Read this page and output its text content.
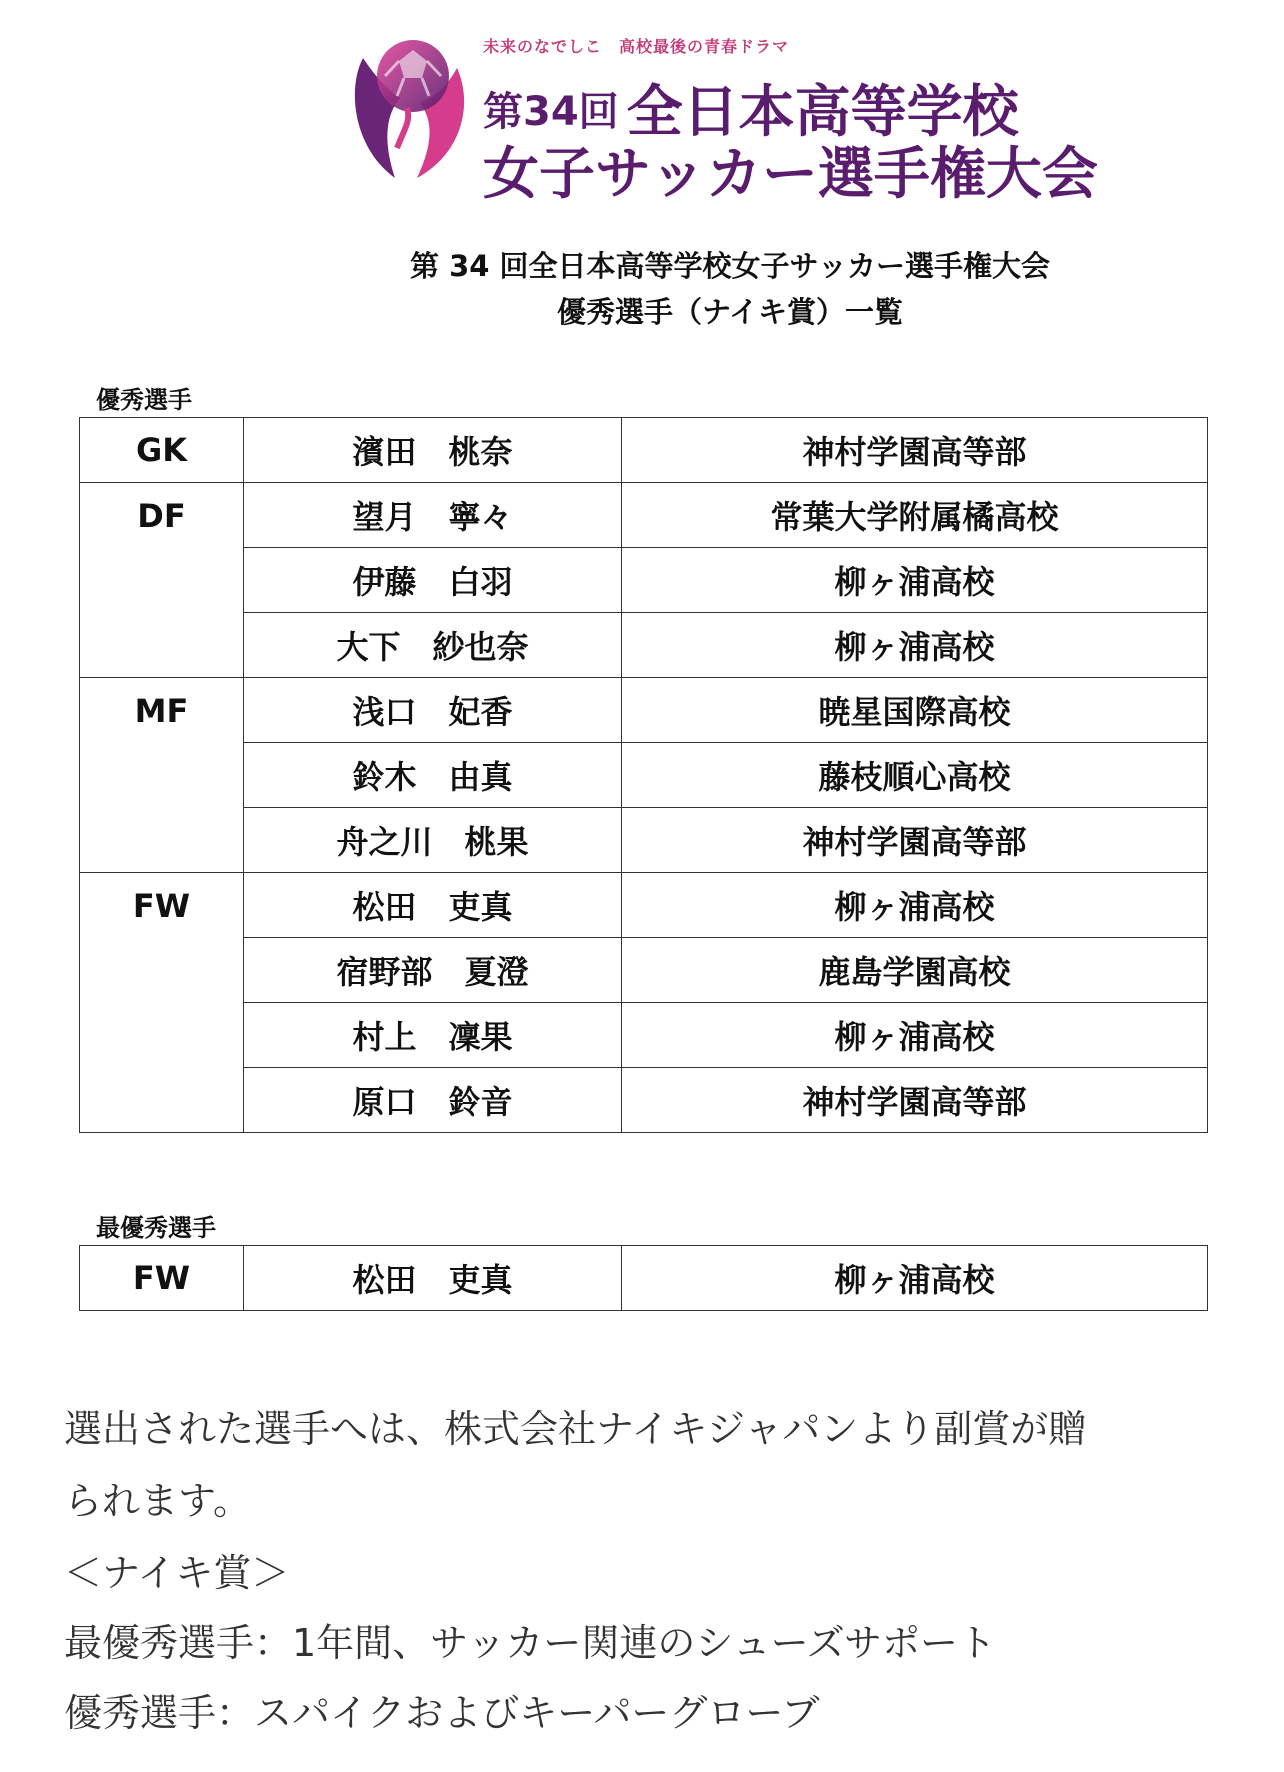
未来のなでしこ　高校最後の青春ドラマ
第34回 全日本高等学校
女子サッカー選手権大会
第 34 回全日本高等学校女子サッカー選手権大会
優秀選手（ナイキ賞）一覧
優秀選手
GK	濱田　桃奈	神村学園高等部
DF	望月　寧々	常葉大学附属橘高校
	伊藤　白羽	柳ヶ浦高校
	大下　紗也奈	柳ヶ浦高校
MF	浅口　妃香	暁星国際高校
	鈴木　由真	藤枝順心高校
	舟之川　桃果	神村学園高等部
FW	松田　吏真	柳ヶ浦高校
	宿野部　夏澄	鹿島学園高校
	村上　凜果	柳ヶ浦高校
	原口　鈴音	神村学園高等部
最優秀選手
FW	松田　吏真	柳ヶ浦高校
選出された選手へは、株式会社ナイキジャパンより副賞が贈
られます。
＜ナイキ賞＞
最優秀選手：1年間、サッカー関連のシューズサポート
優秀選手：スパイクおよびキーパーグローブ
